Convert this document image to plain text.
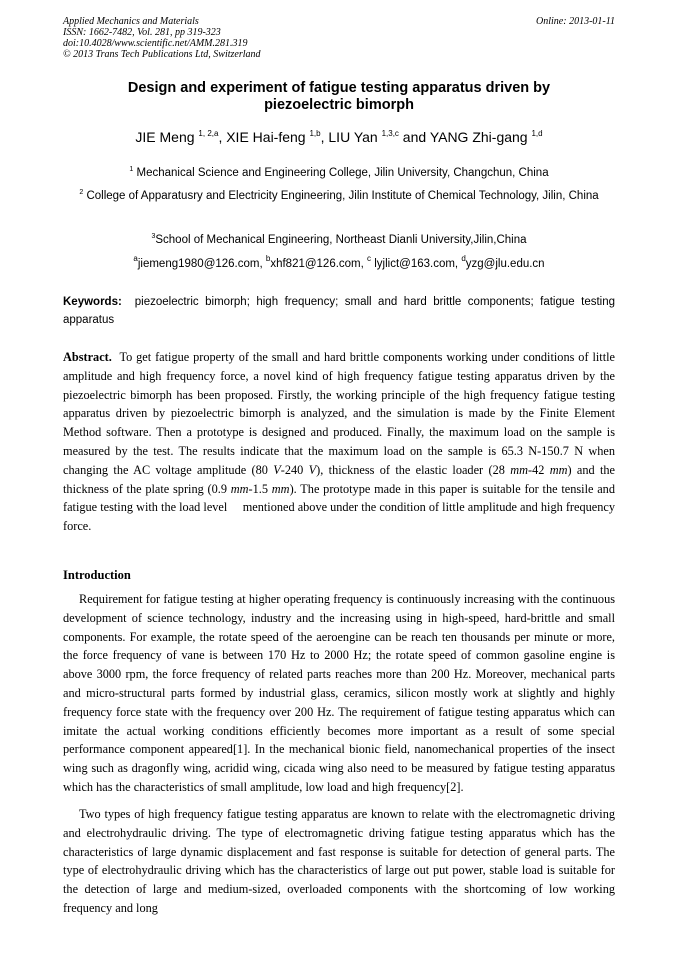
Applied Mechanics and Materials
ISSN: 1662-7482, Vol. 281, pp 319-323
doi:10.4028/www.scientific.net/AMM.281.319
© 2013 Trans Tech Publications Ltd, Switzerland
Online: 2013-01-11
Design and experiment of fatigue testing apparatus driven by
piezoelectric bimorph
JIE Meng $^{1, 2,a}$, XIE Hai-feng $^{1,b}$, LIU Yan $^{1,3,c}$ and YANG Zhi-gang $^{1,d}$
$^1$ Mechanical Science and Engineering College, Jilin University, Changchun, China
$^2$ College of Apparatusry and Electricity Engineering, Jilin Institute of Chemical Technology, Jilin, China
$^3$School of Mechanical Engineering, Northeast Dianli University,Jilin,China
$^a$jiemeng1980@126.com, $^b$xhf821@126.com, $^c$ lyjlict@163.com, $^d$yzg@jlu.edu.cn
Keywords: piezoelectric bimorph; high frequency; small and hard brittle components; fatigue testing apparatus
Abstract. To get fatigue property of the small and hard brittle components working under conditions of little amplitude and high frequency force, a novel kind of high frequency fatigue testing apparatus driven by the piezoelectric bimorph has been proposed. Firstly, the working principle of the high frequency fatigue testing apparatus driven by piezoelectric bimorph is analyzed, and the simulation is made by the Finite Element Method software. Then a prototype is designed and produced. Finally, the maximum load on the sample is measured by the test. The results indicate that the maximum load on the sample is 65.3 N-150.7 N when changing the AC voltage amplitude (80 V-240 V), thickness of the elastic loader (28 mm-42 mm) and the thickness of the plate spring (0.9 mm-1.5 mm). The prototype made in this paper is suitable for the tensile and fatigue testing with the load level     mentioned above under the condition of little amplitude and high frequency force.
Introduction
Requirement for fatigue testing at higher operating frequency is continuously increasing with the continuous development of science technology, industry and the increasing using in high-speed, hard-brittle and small components. For example, the rotate speed of the aeroengine can be reach ten thousands per minute or more, the force frequency of vane is between 170 Hz to 2000 Hz; the rotate speed of common gasoline engine is above 3000 rpm, the force frequency of related parts reaches more than 200 Hz. Moreover, mechanical parts and micro-structural parts formed by industrial glass, ceramics, silicon mostly work at slightly and highly frequency force state with the frequency over 200 Hz. The requirement of fatigue testing apparatus which can imitate the actual working conditions efficiently becomes more important as a result of some special performance component appeared[1]. In the mechanical bionic field, nanomechanical properties of the insect wing such as dragonfly wing, acridid wing, cicada wing also need to be measured by fatigue testing apparatus which has the characteristics of small amplitude, low load and high frequency[2].
Two types of high frequency fatigue testing apparatus are known to relate with the electromagnetic driving and electrohydraulic driving. The type of electromagnetic driving fatigue testing apparatus which has the characteristics of large dynamic displacement and fast response is suitable for detection of general parts. The type of electrohydraulic driving which has the characteristics of large out put power, stable load is suitable for the detection of large and medium-sized, overloaded components with the shortcoming of low working frequency and long
